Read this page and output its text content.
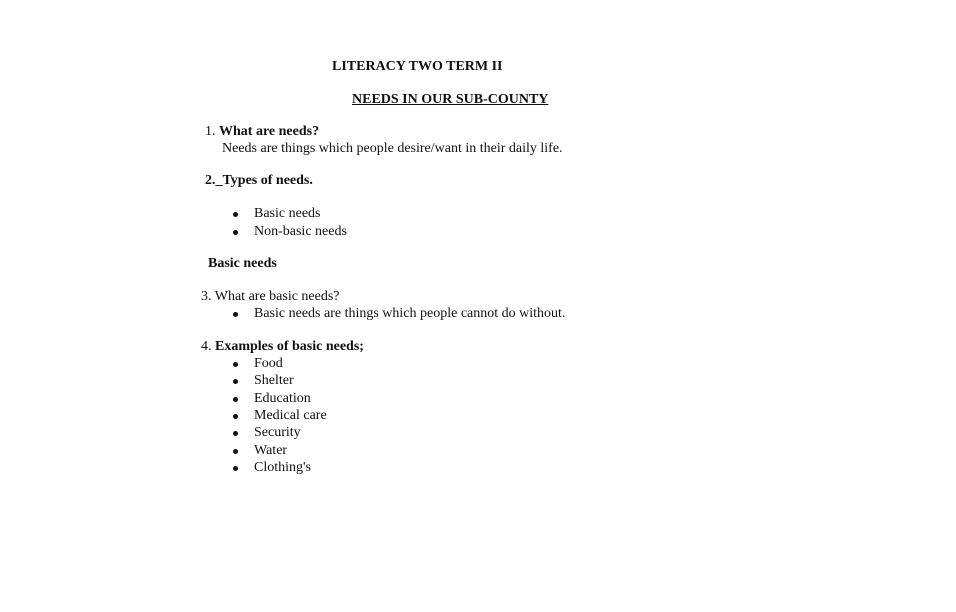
LITERACY TWO TERM II
NEEDS IN OUR SUB-COUNTY
1. What are needs?
Needs are things which people desire/want in their daily life.
2._Types of needs.
Basic needs
Non-basic needs
Basic needs
3. What are basic needs?
Basic needs are things which people cannot do without.
4. Examples of basic needs;
Food
Shelter
Education
Medical care
Security
Water
Clothing's
